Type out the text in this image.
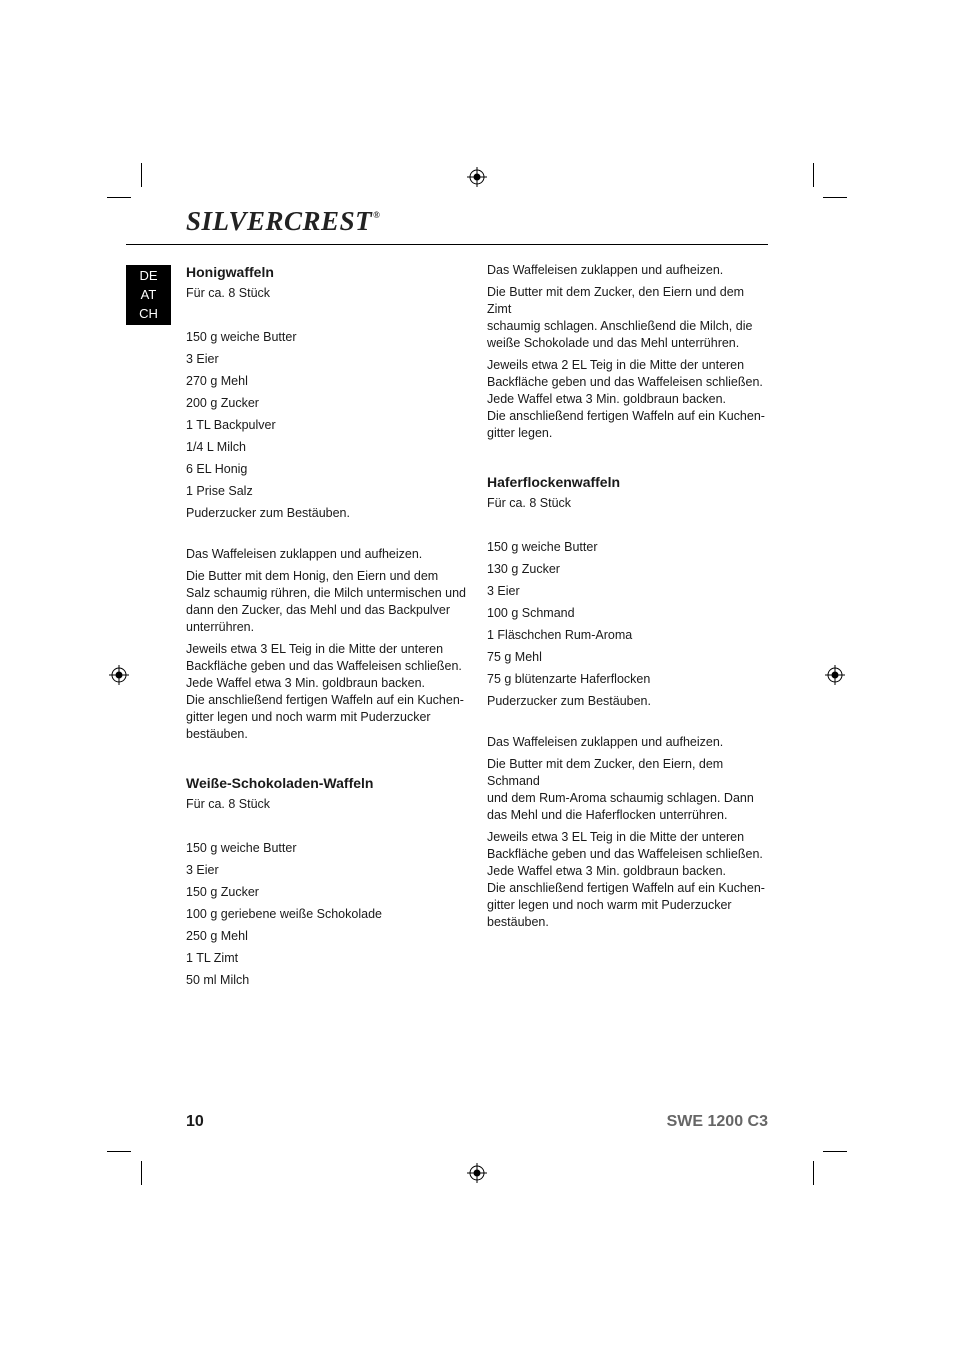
SILVERCREST®
DE
AT
CH
Honigwaffeln

Für ca. 8 Stück

150 g weiche Butter
3 Eier
270 g Mehl
200 g Zucker
1 TL Backpulver
1/4 L Milch
6 EL Honig
1 Prise Salz
Puderzucker zum Bestäuben.

Das Waffeleisen zuklappen und aufheizen.

Die Butter mit dem Honig, den Eiern und dem
Salz schaumig rühren, die Milch untermischen und
dann den Zucker, das Mehl und das Backpulver
unterrühren.

Jeweils etwa 3 EL Teig in die Mitte der unteren
Backfläche geben und das Waffeleisen schließen.
Jede Waffel etwa 3 Min. goldbraun backen.
Die anschließend fertigen Waffeln auf ein Kuchen-
gitter legen und noch warm mit Puderzucker
bestäuben.

Weiße-Schokoladen-Waffeln

Für ca. 8 Stück

150 g weiche Butter
3 Eier
150 g Zucker
100 g geriebene weiße Schokolade
250 g Mehl
1 TL Zimt
50 ml Milch

Das Waffeleisen zuklappen und aufheizen.

Die Butter mit dem Zucker, den Eiern und dem Zimt
schaumig schlagen. Anschließend die Milch, die
weiße Schokolade und das Mehl unterrühren.

Jeweils etwa 2 EL Teig in die Mitte der unteren
Backfläche geben und das Waffeleisen schließen.
Jede Waffel etwa 3 Min. goldbraun backen.
Die anschließend fertigen Waffeln auf ein Kuchen-
gitter legen.

Haferflockenwaffeln

Für ca. 8 Stück

150 g weiche Butter
130 g Zucker
3 Eier
100 g Schmand
1 Fläschchen Rum-Aroma
75 g Mehl
75 g blütenzarte Haferflocken
Puderzucker zum Bestäuben.

Das Waffeleisen zuklappen und aufheizen.

Die Butter mit dem Zucker, den Eiern, dem Schmand
und dem Rum-Aroma schaumig schlagen. Dann
das Mehl und die Haferflocken unterrühren.

Jeweils etwa 3 EL Teig in die Mitte der unteren
Backfläche geben und das Waffeleisen schließen.
Jede Waffel etwa 3 Min. goldbraun backen.
Die anschließend fertigen Waffeln auf ein Kuchen-
gitter legen und noch warm mit Puderzucker
bestäuben.

10	SWE 1200 C3
